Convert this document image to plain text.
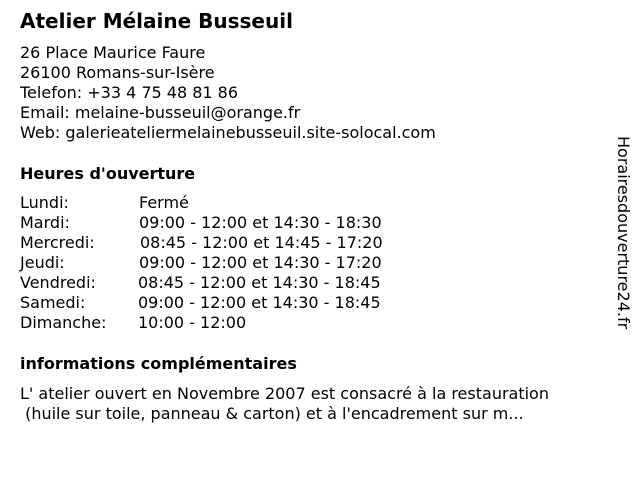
Atelier Mélaine Busseuil
26 Place Maurice Faure
26100 Romans-sur-Isère
Telefon: +33 4 75 48 81 86
Email: melaine-busseuil@orange.fr
Web: galerieateliermelainebusseuil.site-solocal.com
Heures d'ouverture
Lundi:	Fermé
Mardi:	09:00 - 12:00 et 14:30 - 18:30
Mercredi:	08:45 - 12:00 et 14:45 - 17:20
Jeudi:	09:00 - 12:00 et 14:30 - 17:20
Vendredi:	08:45 - 12:00 et 14:30 - 18:45
Samedi:	09:00 - 12:00 et 14:30 - 18:45
Dimanche: 10:00 - 12:00
informations complémentaires
L' atelier ouvert en Novembre 2007 est consacré à la restauration
(huile sur toile, panneau & carton) et à l'encadrement sur m...
Horairesdouverture24.fr
